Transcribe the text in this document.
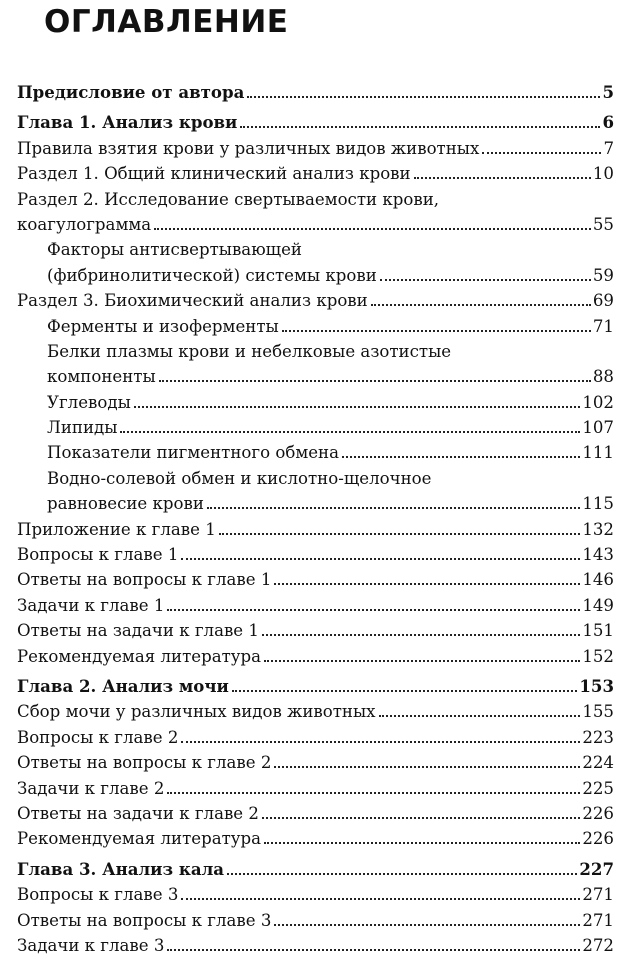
ОГЛАВЛЕНИЕ
Предисловие от автора	5
Глава 1. Анализ крови	6
Правила взятия крови у различных видов животных	7
Раздел 1. Общий клинический анализ крови	10
Раздел 2. Исследование свертываемости крови,
коагулограмма	55
Факторы антисвертывающей
(фибринолитической) системы крови	59
Раздел 3. Биохимический анализ крови	69
Ферменты и изоферменты	71
Белки плазмы крови и небелковые азотистые
компоненты	88
Углеводы	102
Липиды	107
Показатели пигментного обмена	111
Водно-солевой обмен и кислотно-щелочное
равновесие крови	115
Приложение к главе 1	132
Вопросы к главе 1	143
Ответы на вопросы к главе 1	146
Задачи к главе 1	149
Ответы на задачи к главе 1	151
Рекомендуемая литература	152
Глава 2. Анализ мочи	153
Сбор мочи у различных видов животных	155
Вопросы к главе 2	223
Ответы на вопросы к главе 2	224
Задачи к главе 2	225
Ответы на задачи к главе 2	226
Рекомендуемая литература	226
Глава 3. Анализ кала	227
Вопросы к главе 3	271
Ответы на вопросы к главе 3	271
Задачи к главе 3	272
